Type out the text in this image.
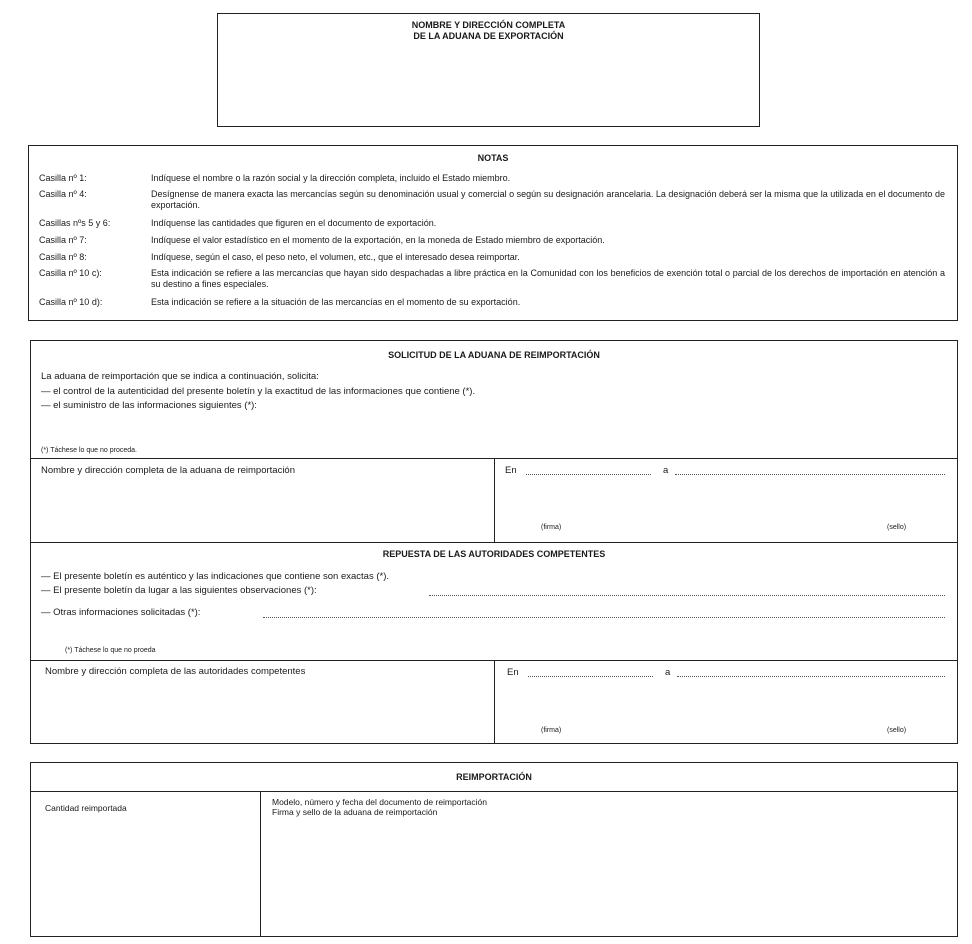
NOMBRE Y DIRECCIÓN COMPLETA
DE LA ADUANA DE EXPORTACIÓN
NOTAS
Casilla nº 1:	Indíquese el nombre o la razón social y la dirección completa, incluido el Estado miembro.
Casilla nº 4:	Desígnense de manera exacta las mercancías según su denominación usual y comercial o según su designación arancelaria. La designación deberá ser la misma que la utilizada en el documento de exportación.
Casillas nºs 5 y 6:	Indíquense las cantidades que figuren en el documento de exportación.
Casilla nº 7:	Indíquese el valor estadístico en el momento de la exportación, en la moneda de Estado miembro de exportación.
Casilla nº 8:	Indíquese, según el caso, el peso neto, el volumen, etc., que el interesado desea reimportar.
Casilla nº 10 c):	Esta indicación se refiere a las mercancías que hayan sido despachadas a libre práctica en la Comunidad con los beneficios de exención total o parcial de los derechos de importación en atención a su destino a fines especiales.
Casilla nº 10 d):	Esta indicación se refiere a la situación de las mercancías en el momento de su exportación.
SOLICITUD DE LA ADUANA DE REIMPORTACIÓN
La aduana de reimportación que se indica a continuación, solicita:
— el control de la autenticidad del presente boletín y la exactitud de las informaciones que contiene (*).
— el suministro de las informaciones siguientes (*):
(*) Táchese lo que no proceda.
Nombre y dirección completa de la aduana de reimportación	En	a
(firma)	(sello)
REPUESTA DE LAS AUTORIDADES COMPETENTES
— El presente boletín es auténtico y las indicaciones que contiene son exactas (*).
— El presente boletín da lugar a las siguientes observaciones (*):
— Otras informaciones solicitadas (*):
(*) Táchese lo que no proeda
Nombre y dirección completa de las autoridades competentes	En	a
(firma)	(sello)
REIMPORTACIÓN
Cantidad reimportada
Modelo, número y fecha del documento de reimportación
Firma y sello de la aduana de reimportación
